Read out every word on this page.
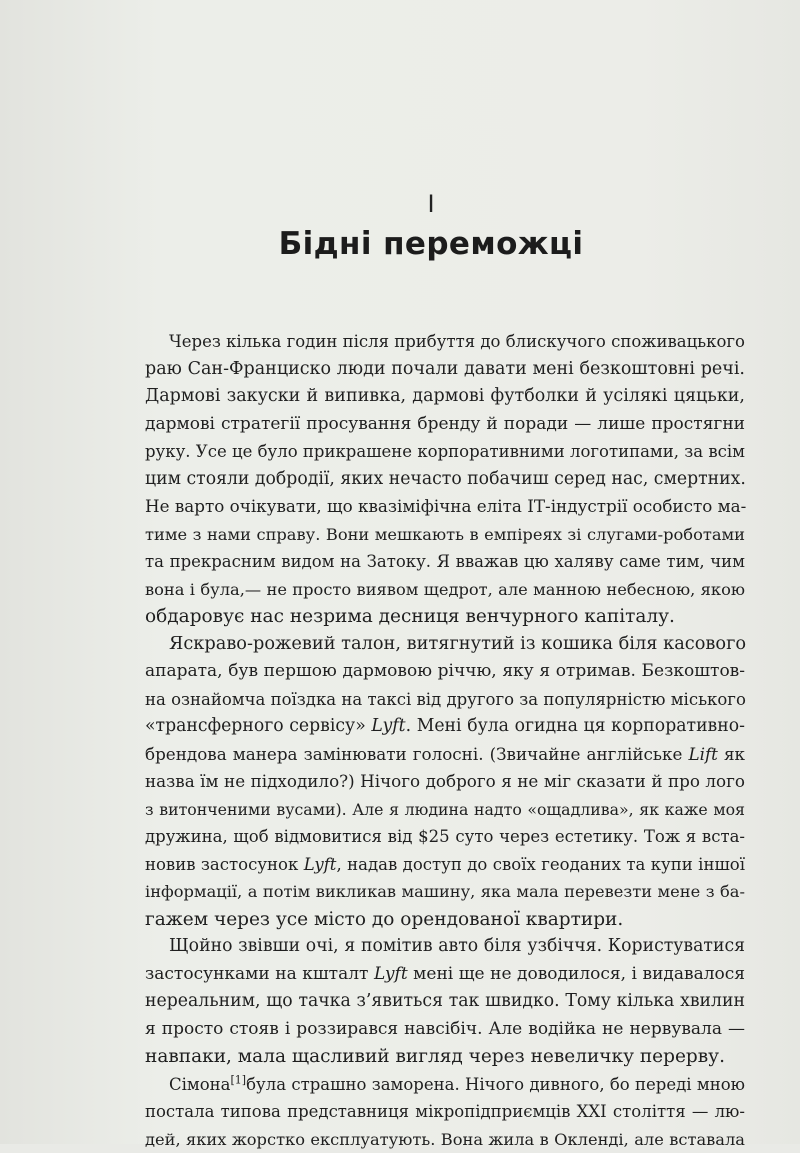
I
Бідні переможці
Через кілька годин після прибуття до блискучого споживацького
раю Сан-Франциско люди почали давати мені безкоштовні речі.
Дармові закуски й випивка, дармові футболки й усілякі цяцьки,
дармові стратегії просування бренду й поради — лише простягни
руку. Усе це було прикрашене корпоративними логотипами, за всім
цим стояли добродії, яких нечасто побачиш серед нас, смертних.
Не варто очікувати, що квазіміфічна еліта ІТ-індустрії особисто ма-
тиме з нами справу. Вони мешкають в емпіреях зі слугами-роботами
та прекрасним видом на Затоку. Я вважав цю халяву саме тим, чим
вона і була,— не просто виявом щедрот, але манною небесною, якою
обдаровує нас незрима десниця венчурного капіталу.
Яскраво-рожевий талон, витягнутий із кошика біля касового
апарата, був першою дармовою річчю, яку я отримав. Безкоштов-
на ознайомча поїздка на таксі від другого за популярністю міського
«трансферного сервісу» Lyft. Мені була огидна ця корпоративно-
брендова манера замінювати голосні. (Звичайне англійське Lift як
назва їм не підходило?) Нічого доброго я не міг сказати й про лого
з витонченими вусами). Але я людина надто «ощадлива», як каже моя
дружина, щоб відмовитися від $25 суто через естетику. Тож я вста-
новив застосунок Lyft, надав доступ до своїх геоданих та купи іншої
інформації, а потім викликав машину, яка мала перевезти мене з ба-
гажем через усе місто до орендованої квартири.
Щойно звівши очі, я помітив авто біля узбіччя. Користуватися
застосунками на кшталт Lyft мені ще не доводилося, і видавалося
нереальним, що тачка з’явиться так швидко. Тому кілька хвилин
я просто стояв і роззирався навсібіч. Але водійка не нервувала —
навпаки, мала щасливий вигляд через невеличку перерву.
Сімона[1]була страшно заморена. Нічого дивного, бо переді мною
постала типова представниця мікропідприємців XXI століття — лю-
дей, яких жорстко експлуатують. Вона жила в Окленді, але вставала
